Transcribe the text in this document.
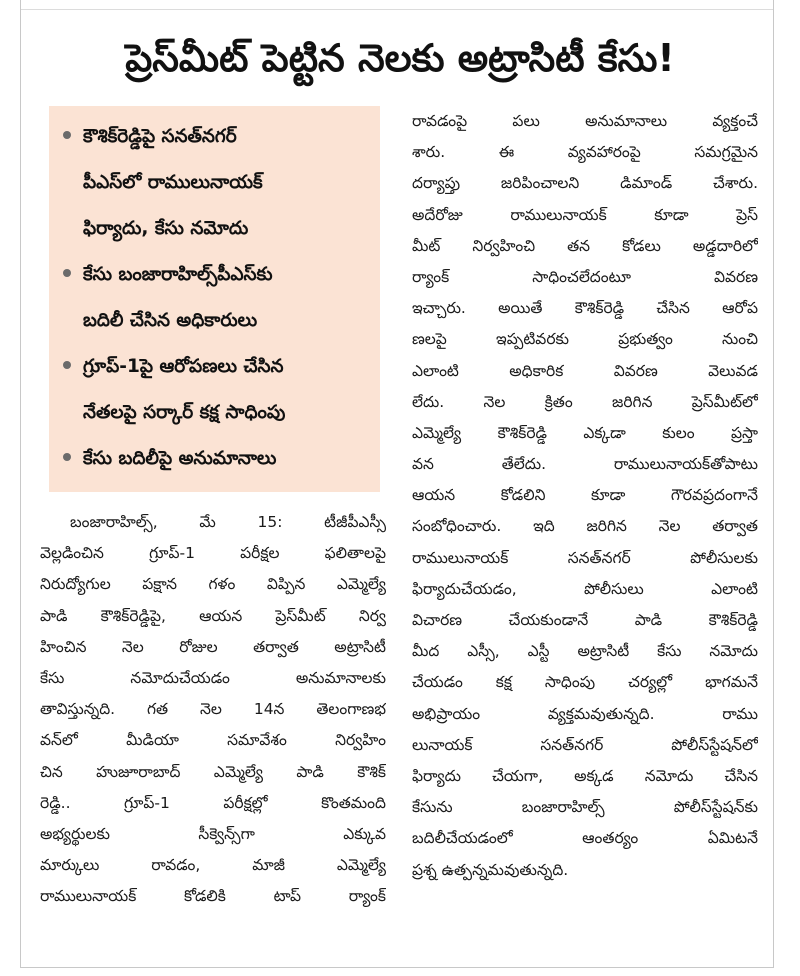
ప్రెస్‌మీట్ పెట్టిన నెలకు అట్రాసిటీ కేసు!
కౌశిక్‌రెడ్డిపై సనత్‌నగర్
పీఎస్‌లో రాములునాయక్
ఫిర్యాదు, కేసు నమోదు
కేసు బంజారాహిల్స్‌పీఎస్‌కు
బదిలీ చేసిన అధికారులు
గ్రూప్‌-1పై ఆరోపణలు చేసిన
నేతలపై సర్కార్ కక్ష సాధింపు
కేసు బదిలీపై అనుమానాలు
బంజారాహిల్స్, మే 15: టీజీపీఎస్సీ
వెల్లడించిన గ్రూప్‌-1 పరీక్షల ఫలితాలపై
నిరుద్యోగుల పక్షాన గళం విప్పిన ఎమ్మెల్యే
పాడి కౌశిక్‌రెడ్డిపై, ఆయన ప్రెస్‌మీట్ నిర్వ
హించిన నెల రోజుల తర్వాత అట్రాసిటీ
కేసు నమోదుచేయడం అనుమానాలకు
తావిస్తున్నది. గత నెల 14న తెలంగాణభ
వన్‌లో మీడియా సమావేశం నిర్వహిం
చిన హుజూరాబాద్ ఎమ్మెల్యే పాడి కౌశిక్
రెడ్డి.. గ్రూప్‌-1 పరీక్షల్లో కొంతమంది
అభ్యర్థులకు సీక్వెన్స్‌గా ఎక్కువ
మార్కులు రావడం, మాజీ ఎమ్మెల్యే
రాములునాయక్ కోడలికి టాప్ ర్యాంక్
రావడంపై పలు అనుమానాలు వ్యక్తంచే
శారు. ఈ వ్యవహారంపై సమగ్రమైన
దర్యాప్తు జరిపించాలని డిమాండ్ చేశారు.
అదేరోజు రాములునాయక్ కూడా ప్రెస్
మీట్ నిర్వహించి తన కోడలు అడ్డదారిలో
ర్యాంక్ సాధించలేదంటూ వివరణ
ఇచ్చారు. అయితే కౌశిక్‌రెడ్డి చేసిన ఆరోప
ణలపై ఇప్పటివరకు ప్రభుత్వం నుంచి
ఎలాంటి అధికారిక వివరణ వెలువడ
లేదు. నెల క్రితం జరిగిన ప్రెస్‌మీట్‌లో
ఎమ్మెల్యే కౌశిక్‌రెడ్డి ఎక్కడా కులం ప్రస్తా
వన తేలేదు. రాములునాయక్‌తోపాటు
ఆయన కోడలిని కూడా గౌరవప్రదంగానే
సంబోధించారు. ఇది జరిగిన నెల తర్వాత
రాములునాయక్ సనత్‌నగర్ పోలీసులకు
ఫిర్యాదుచేయడం, పోలీసులు ఎలాంటి
విచారణ చేయకుండానే పాడి కౌశిక్‌రెడ్డి
మీద ఎస్సీ, ఎస్టీ అట్రాసిటీ కేసు నమోదు
చేయడం కక్ష సాధింపు చర్యల్లో భాగమనే
అభిప్రాయం వ్యక్తమవుతున్నది. రాము
లునాయక్ సనత్‌నగర్ పోలీస్‌స్టేషన్‌లో
ఫిర్యాదు చేయగా, అక్కడ నమోదు చేసిన
కేసును బంజారాహిల్స్ పోలీస్‌స్టేషన్‌కు
బదిలీచేయడంలో ఆంతర్యం ఏమిటనే
ప్రశ్న ఉత్పన్నమవుతున్నది.
